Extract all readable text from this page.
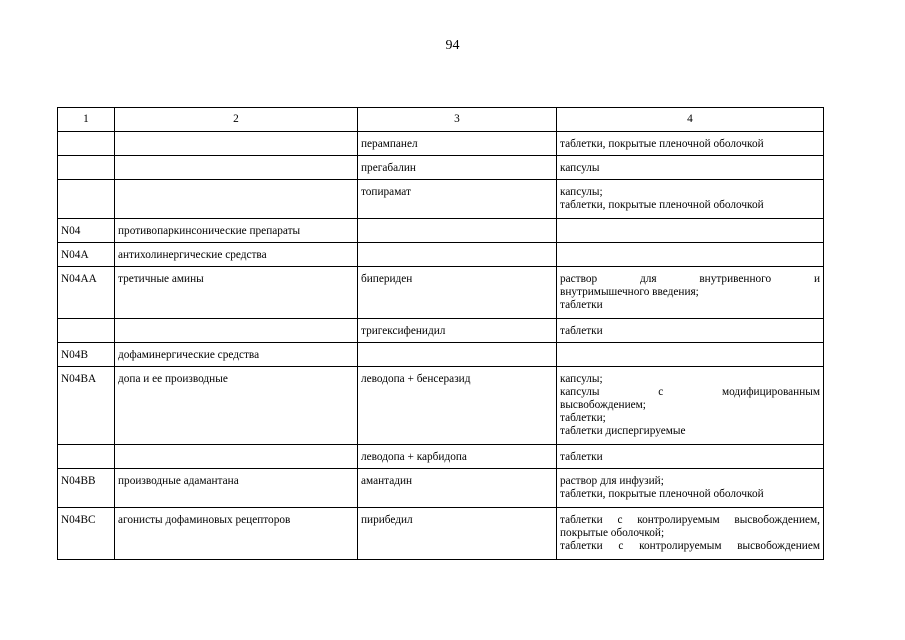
94
1	2	3	4
		перампанел	таблетки, покрытые пленочной оболочкой

		прегабалин	капсулы

		топирамат	капсулы;
таблетки, покрытые пленочной оболочкой

N04	противопаркинсонические препараты		
N04A	антихолинергические средства		
N04AA	третичные амины	бипериден	раствор для внутривенного и
внутримышечного введения;
таблетки

		тригексифенидил	таблетки

N04B	дофаминергические средства		
N04BA	допа и ее производные	леводопа + бенсеразид	капсулы;
капсулы с модифицированным
высвобождением;
таблетки;
таблетки диспергируемые

		леводопа + карбидопа	таблетки

N04BB	производные адамантана	амантадин	раствор для инфузий;
таблетки, покрытые пленочной оболочкой

N04BC	агонисты дофаминовых рецепторов	пирибедил	таблетки с контролируемым высвобождением,
покрытые оболочкой;
таблетки с контролируемым высвобождением
